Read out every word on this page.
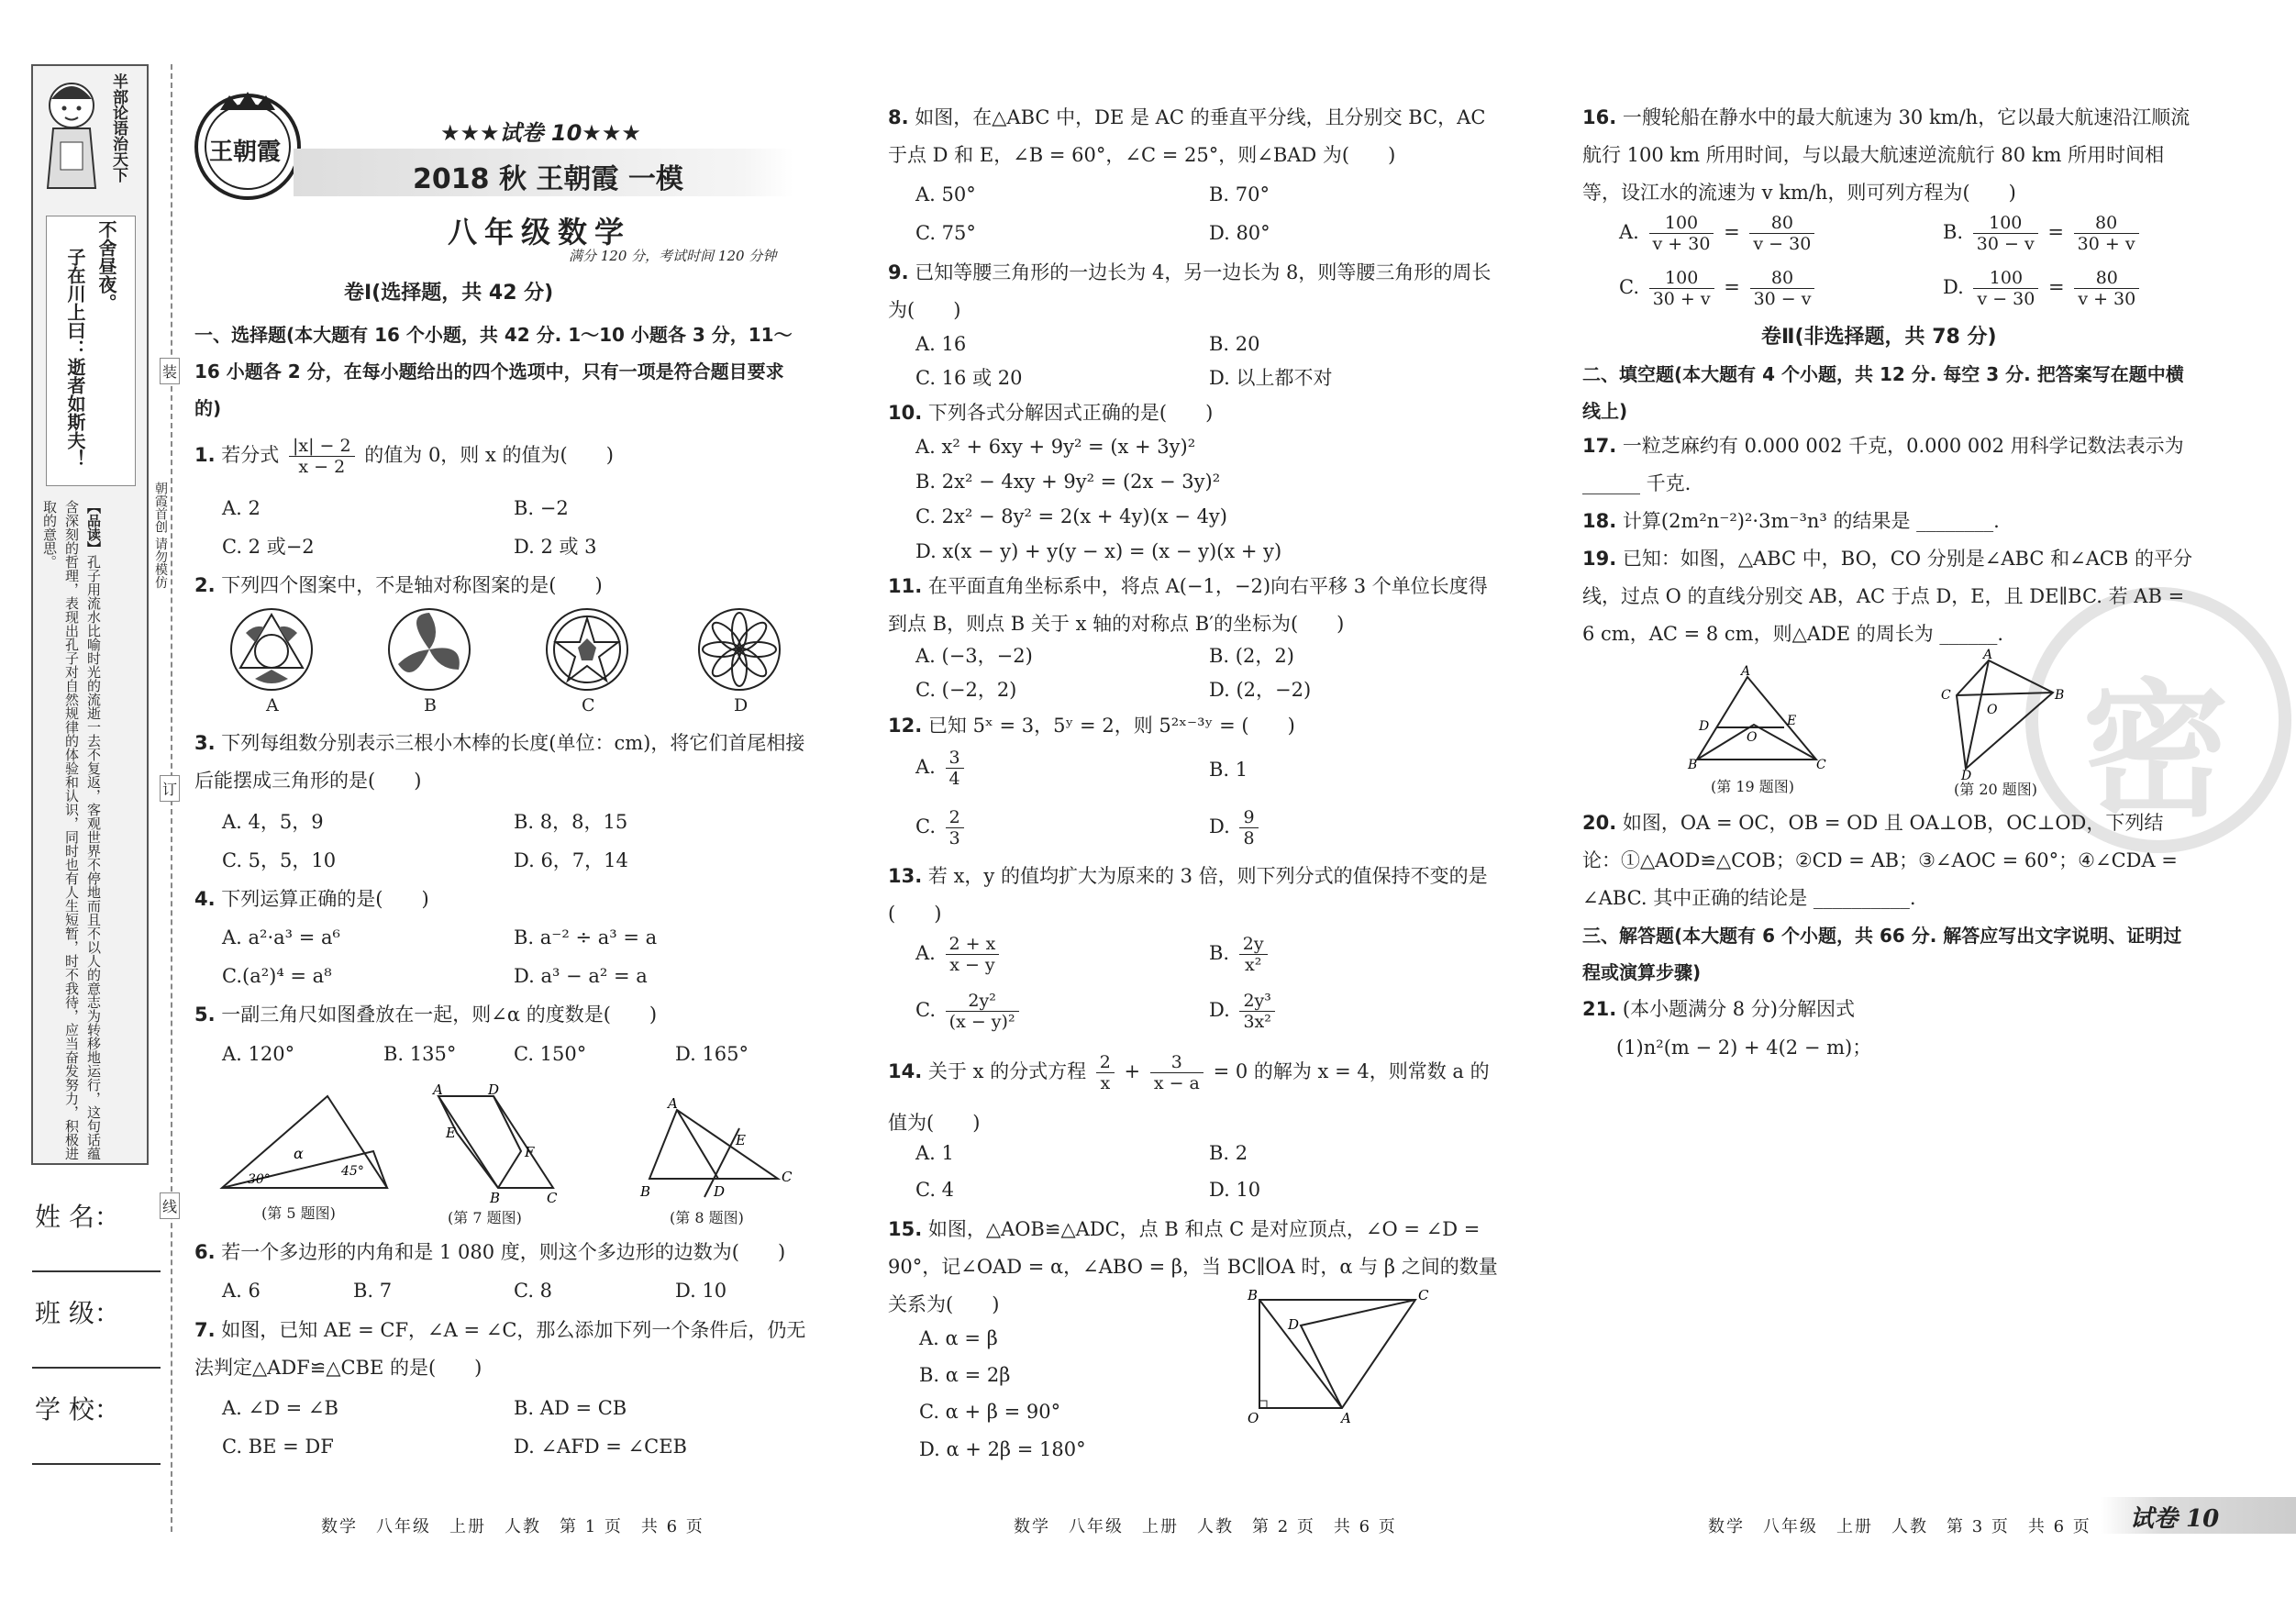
半部论语治天下
不舍昼夜。
子在川上曰：逝者如斯夫！
【品读】孔子用流水比喻时光的流逝一去不复返，客观世界不停地而且不以人的意志为转移地运行，这句话蕴含深刻的哲理，表现出孔子对自然规律的体验和认识，同时也有人生短暂，时不我待，应当奋发努力，积极进取的意思。
姓 名：
班 级：
学 校：
装
订
线
朝霞首创 请勿模仿
王朝霞
★★★试卷 10★★★
2018 秋 王朝霞 一模
八年级数学
满分 120 分，考试时间 120 分钟
卷Ⅰ(选择题，共 42 分)
一、选择题(本大题有 16 个小题，共 42 分. 1～10 小题各 3 分，11～16 小题各 2 分，在每小题给出的四个选项中，只有一项是符合题目要求的)
1. 若分式 $\frac{|x| - 2}{x - 2}$ 的值为 0，则 x 的值为(　　)
A. 2	B. −2
C. 2 或−2	D. 2 或 3
2. 下列四个图案中，不是轴对称图案的是(　　)
A	B	C	D
3. 下列每组数分别表示三根小木棒的长度(单位：cm)，将它们首尾相接后能摆成三角形的是(　　)
A. 4，5，9	B. 8，8，15
C. 5，5，10	D. 6，7，14
4. 下列运算正确的是(　　)
A. a²·a³ = a⁶	B. a⁻² ÷ a³ = a
C.(a²)⁴ = a⁸	D. a³ − a² = a
5. 一副三角尺如图叠放在一起，则∠α 的度数是(　　)
A. 120°	B. 135°	C. 150°	D. 165°
30°
α
45°
(第 5 题图)
A	D
E
F
B	C
(第 7 题图)
A
B	D
C
E
(第 8 题图)
6. 若一个多边形的内角和是 1 080 度，则这个多边形的边数为(　　)
A. 6	B. 7	C. 8	D. 10
7. 如图，已知 AE = CF，∠A = ∠C，那么添加下列一个条件后，仍无法判定△ADF≌△CBE 的是(　　)
A. ∠D = ∠B	B. AD = CB
C. BE = DF	D. ∠AFD = ∠CEB
数学　八年级　上册　人教　第 1 页　共 6 页
8. 如图，在△ABC 中，DE 是 AC 的垂直平分线，且分别交 BC，AC 于点 D 和 E，∠B = 60°，∠C = 25°，则∠BAD 为(　　)
A. 50°	B. 70°
C. 75°	D. 80°
9. 已知等腰三角形的一边长为 4，另一边长为 8，则等腰三角形的周长为(　　)
A. 16	B. 20
C. 16 或 20	D. 以上都不对
10. 下列各式分解因式正确的是(　　)
A. x² + 6xy + 9y² = (x + 3y)²
B. 2x² − 4xy + 9y² = (2x − 3y)²
C. 2x² − 8y² = 2(x + 4y)(x − 4y)
D. x(x − y) + y(y − x) = (x − y)(x + y)
11. 在平面直角坐标系中，将点 A(−1，−2)向右平移 3 个单位长度得到点 B，则点 B 关于 x 轴的对称点 B′的坐标为(　　)
A. (−3，−2)	B. (2，2)
C. (−2，2)	D. (2，−2)
12. 已知 5ˣ = 3，5ʸ = 2，则 5²ˣ⁻³ʸ = (　　)
A. $\frac{3}{4}$	B. 1
C. $\frac{2}{3}$	D. $\frac{9}{8}$
13. 若 x，y 的值均扩大为原来的 3 倍，则下列分式的值保持不变的是(　　)
A. $\frac{2 + x}{x - y}$	B. $\frac{2y}{\text{x²}}$
C. $\frac{\text{2y²}}{\text{(x − y)²}}$	D. $\frac{\text{2y³}}{\text{3x²}}$
14. 关于 x 的分式方程 $\frac{2}{x} + \frac{3}{x - a} = 0$ 的解为 x = 4，则常数 a 的值为(　　)
A. 1	B. 2
C. 4	D. 10
15. 如图，△AOB≌△ADC，点 B 和点 C 是对应顶点，∠O = ∠D = 90°，记∠OAD = α，∠ABO = β，当 BC∥OA 时，α 与 β 之间的数量关系为(　　)
A. α = β
B. α = 2β
C. α + β = 90°
D. α + 2β = 180°
B	C
D
O	A
数学　八年级　上册　人教　第 2 页　共 6 页
密
16. 一艘轮船在静水中的最大航速为 30 km/h，它以最大航速沿江顺流航行 100 km 所用时间，与以最大航速逆流航行 80 km 所用时间相等，设江水的流速为 v km/h，则可列方程为(　　)
A. $\frac{100}{v + 30} = \frac{80}{v - 30}$	B. $\frac{100}{30 - v} = \frac{80}{30 + v}$
C. $\frac{100}{30 + v} = \frac{80}{30 - v}$	D. $\frac{100}{v - 30} = \frac{80}{v + 30}$
卷Ⅱ(非选择题，共 78 分)
二、填空题(本大题有 4 个小题，共 12 分. 每空 3 分. 把答案写在题中横线上)
17. 一粒芝麻约有 0.000 002 千克，0.000 002 用科学记数法表示为 ______ 千克.
18. 计算(2m²n⁻²)²·3m⁻³n³ 的结果是 ________.
19. 已知：如图，△ABC 中，BO，CO 分别是∠ABC 和∠ACB 的平分线，过点 O 的直线分别交 AB，AC 于点 D，E，且 DE∥BC. 若 AB = 6 cm，AC = 8 cm，则△ADE 的周长为 ______.
A
D	E
O
B	C
(第 19 题图)
A
C	B
O
D
(第 20 题图)
20. 如图，OA = OC，OB = OD 且 OA⊥OB，OC⊥OD，下列结论：①△AOD≌△COB；②CD = AB；③∠AOC = 60°；④∠CDA = ∠ABC. 其中正确的结论是 __________.
三、解答题(本大题有 6 个小题，共 66 分. 解答应写出文字说明、证明过程或演算步骤)
21. (本小题满分 8 分)分解因式
(1)n²(m − 2) + 4(2 − m)；
数学　八年级　上册　人教　第 3 页　共 6 页 试卷 10
